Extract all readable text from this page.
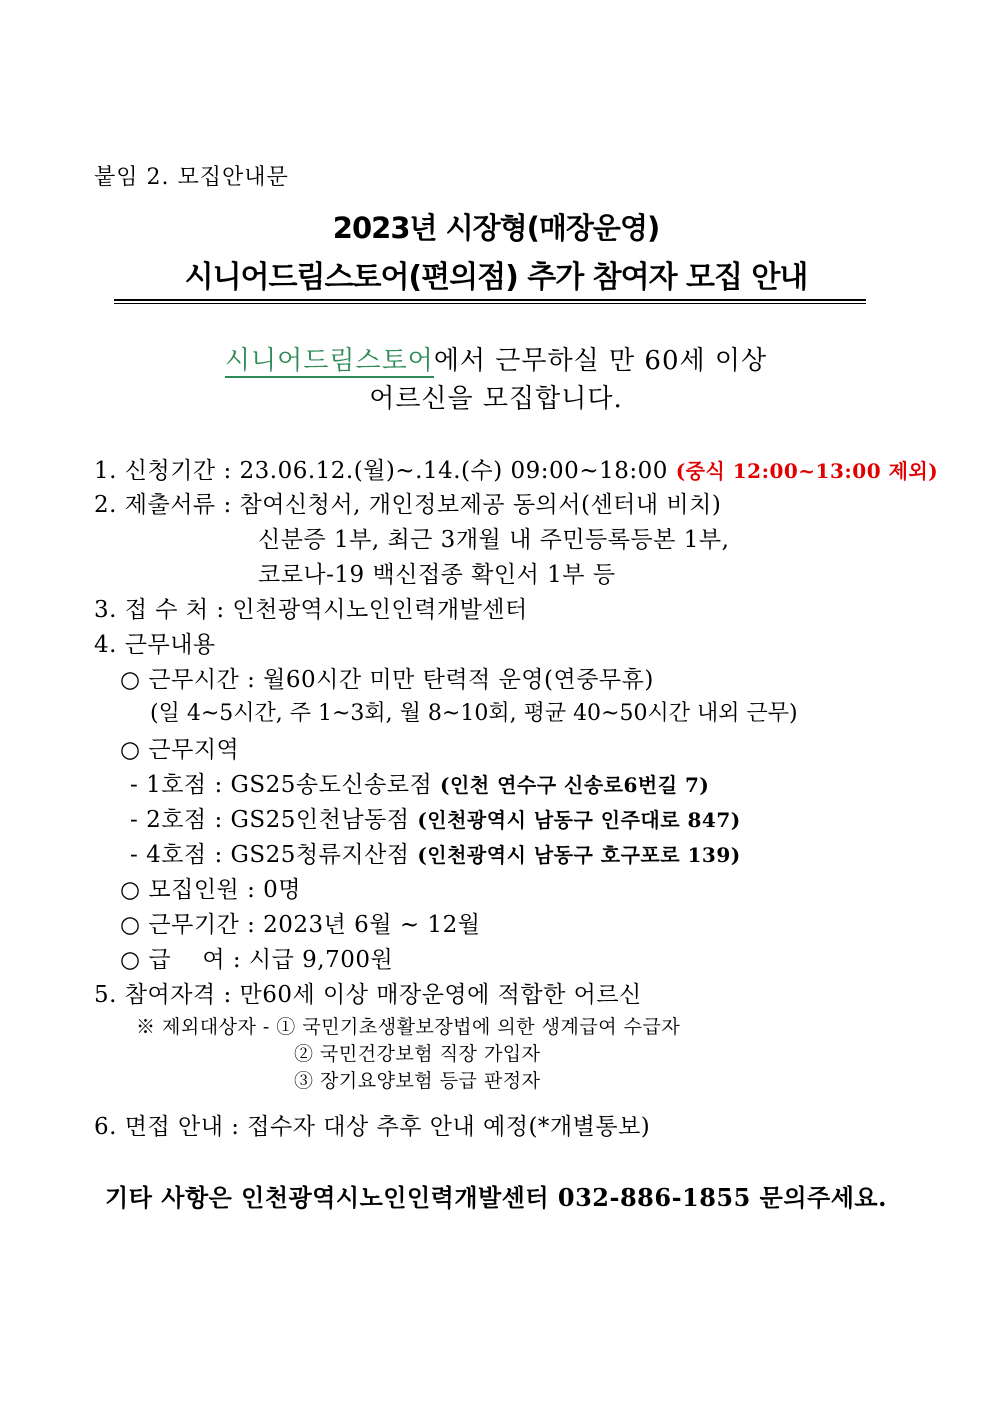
붙임 2. 모집안내문
2023년 시장형(매장운영)
시니어드림스토어(편의점) 추가 참여자 모집 안내
시니어드림스토어에서 근무하실 만 60세 이상
어르신을 모집합니다.
1. 신청기간 : 23.06.12.(월)~.14.(수) 09:00~18:00 (중식 12:00~13:00 제외)
2. 제출서류 : 참여신청서, 개인정보제공 동의서(센터내 비치)
신분증 1부, 최근 3개월 내 주민등록등본 1부,
코로나-19 백신접종 확인서 1부 등
3. 접 수 처 : 인천광역시노인인력개발센터
4. 근무내용
○ 근무시간 : 월60시간 미만 탄력적 운영(연중무휴)
(일 4~5시간, 주 1~3회, 월 8~10회, 평균 40~50시간 내외 근무)
○ 근무지역
- 1호점 : GS25송도신송로점 (인천 연수구 신송로6번길 7)
- 2호점 : GS25인천남동점 (인천광역시 남동구 인주대로 847)
- 4호점 : GS25청류지산점 (인천광역시 남동구 호구포로 139)
○ 모집인원 : 0명
○ 근무기간 : 2023년 6월 ~ 12월
○ 급    여 : 시급 9,700원
5. 참여자격 : 만60세 이상 매장운영에 적합한 어르신
※ 제외대상자 - ① 국민기초생활보장법에 의한 생계급여 수급자
② 국민건강보험 직장 가입자
③ 장기요양보험 등급 판정자
6. 면접 안내 : 접수자 대상 추후 안내 예정(*개별통보)
기타 사항은 인천광역시노인인력개발센터 032-886-1855 문의주세요.
